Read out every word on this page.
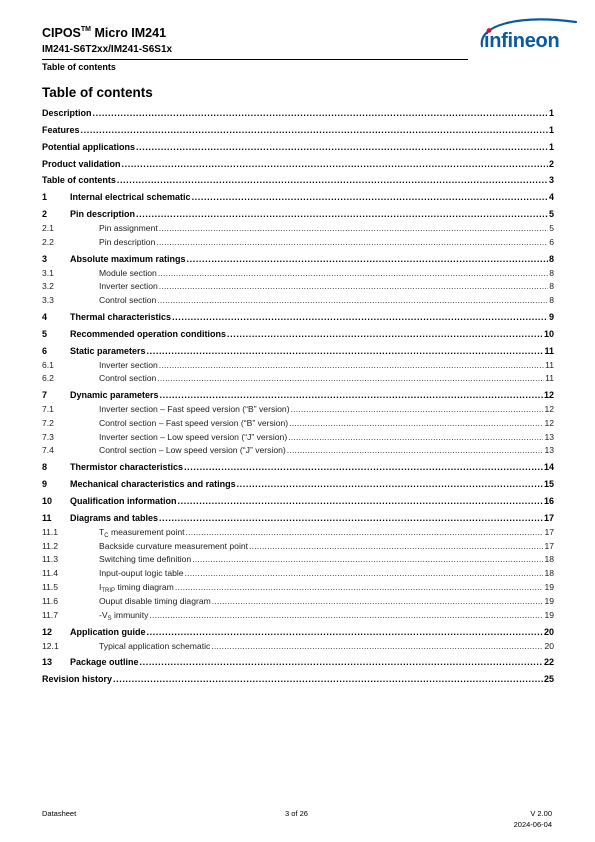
CIPOS™ Micro IM241
IM241-S6T2xx/IM241-S6S1x
Table of contents
infineon
Table of contents
Description .....	1
Features .....	1
Potential applications .....	1
Product validation .....	2
Table of contents .....	3
1	Internal electrical schematic .....	4
2	Pin description .....	5
2.1	Pin assignment .....	5
2.2	Pin description .....	6
3	Absolute maximum ratings .....	8
3.1	Module section .....	8
3.2	Inverter section .....	8
3.3	Control section .....	8
4	Thermal characteristics .....	9
5	Recommended operation conditions .....	10
6	Static parameters .....	11
6.1	Inverter section .....	11
6.2	Control section .....	11
7	Dynamic parameters .....	12
7.1	Inverter section – Fast speed version (“B” version) .....	12
7.2	Control section – Fast speed version (“B” version) .....	12
7.3	Inverter section – Low speed version (“J” version) .....	13
7.4	Control section – Low speed version (“J” version) .....	13
8	Thermistor characteristics .....	14
9	Mechanical characteristics and ratings .....	15
10	Qualification information .....	16
11	Diagrams and tables .....	17
11.1	$T_C$ measurement point .....	17
11.2	Backside curvature measurement point .....	17
11.3	Switching time definition .....	18
11.4	Input-ouput logic table .....	18
11.5	$I_{TRIP}$ timing diagram .....	19
11.6	Ouput disable timing diagram .....	19
11.7	$-V_S$ immunity .....	19
12	Application guide .....	20
12.1	Typical application schematic .....	20
13	Package outline .....	22
Revision history .....	25
Datasheet	3 of 26	V 2.00
2024-06-04
